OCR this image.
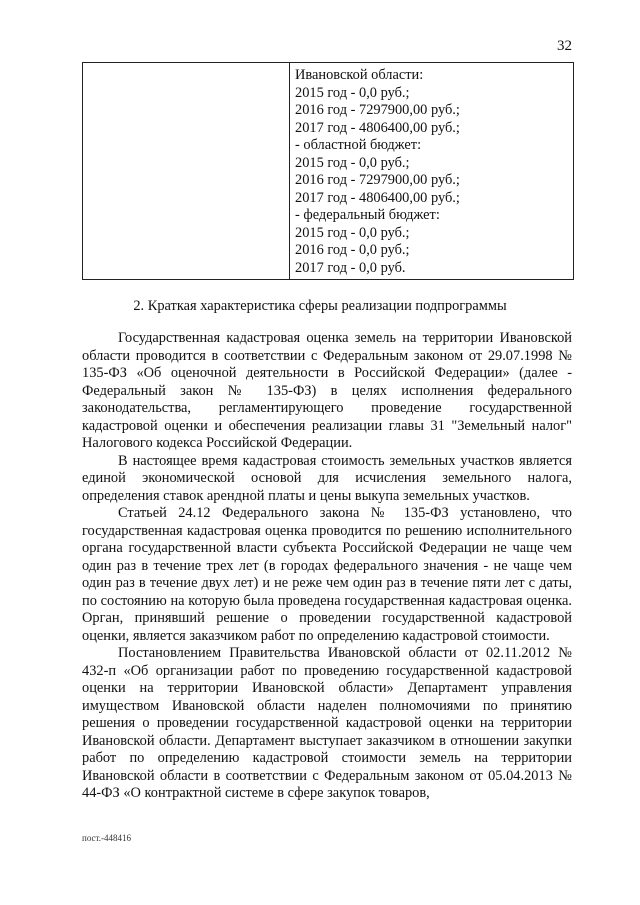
32
Ивановской области:
2015 год - 0,0 руб.;
2016 год - 7297900,00 руб.;
2017 год - 4806400,00 руб.;
- областной бюджет:
2015 год - 0,0 руб.;
2016 год - 7297900,00 руб.;
2017 год - 4806400,00 руб.;
- федеральный бюджет:
2015 год - 0,0 руб.;
2016 год - 0,0 руб.;
2017 год - 0,0 руб.
2. Краткая характеристика сферы реализации подпрограммы

Государственная кадастровая оценка земель на территории Ивановской области проводится в соответствии с Федеральным законом от 29.07.1998 № 135-ФЗ «Об оценочной деятельности в Российской Федерации» (далее - Федеральный закон № 135-ФЗ) в целях исполнения федерального законодательства, регламентирующего проведение государственной кадастровой оценки и обеспечения реализации главы 31 "Земельный налог" Налогового кодекса Российской Федерации.

В настоящее время кадастровая стоимость земельных участков является единой экономической основой для исчисления земельного налога, определения ставок арендной платы и цены выкупа земельных участков.

Статьей 24.12 Федерального закона № 135-ФЗ установлено, что государственная кадастровая оценка проводится по решению исполнительного органа государственной власти субъекта Российской Федерации не чаще чем один раз в течение трех лет (в городах федерального значения - не чаще чем один раз в течение двух лет) и не реже чем один раз в течение пяти лет с даты, по состоянию на которую была проведена государственная кадастровая оценка. Орган, принявший решение о проведении государственной кадастровой оценки, является заказчиком работ по определению кадастровой стоимости.

Постановлением Правительства Ивановской области от 02.11.2012 № 432-п «Об организации работ по проведению государственной кадастровой оценки на территории Ивановской области» Департамент управления имуществом Ивановской области наделен полномочиями по принятию решения о проведении государственной кадастровой оценки на территории Ивановской области. Департамент выступает заказчиком в отношении закупки работ по определению кадастровой стоимости земель на территории Ивановской области в соответствии с Федеральным законом от 05.04.2013 № 44-ФЗ «О контрактной системе в сфере закупок товаров,

пост.-448416
